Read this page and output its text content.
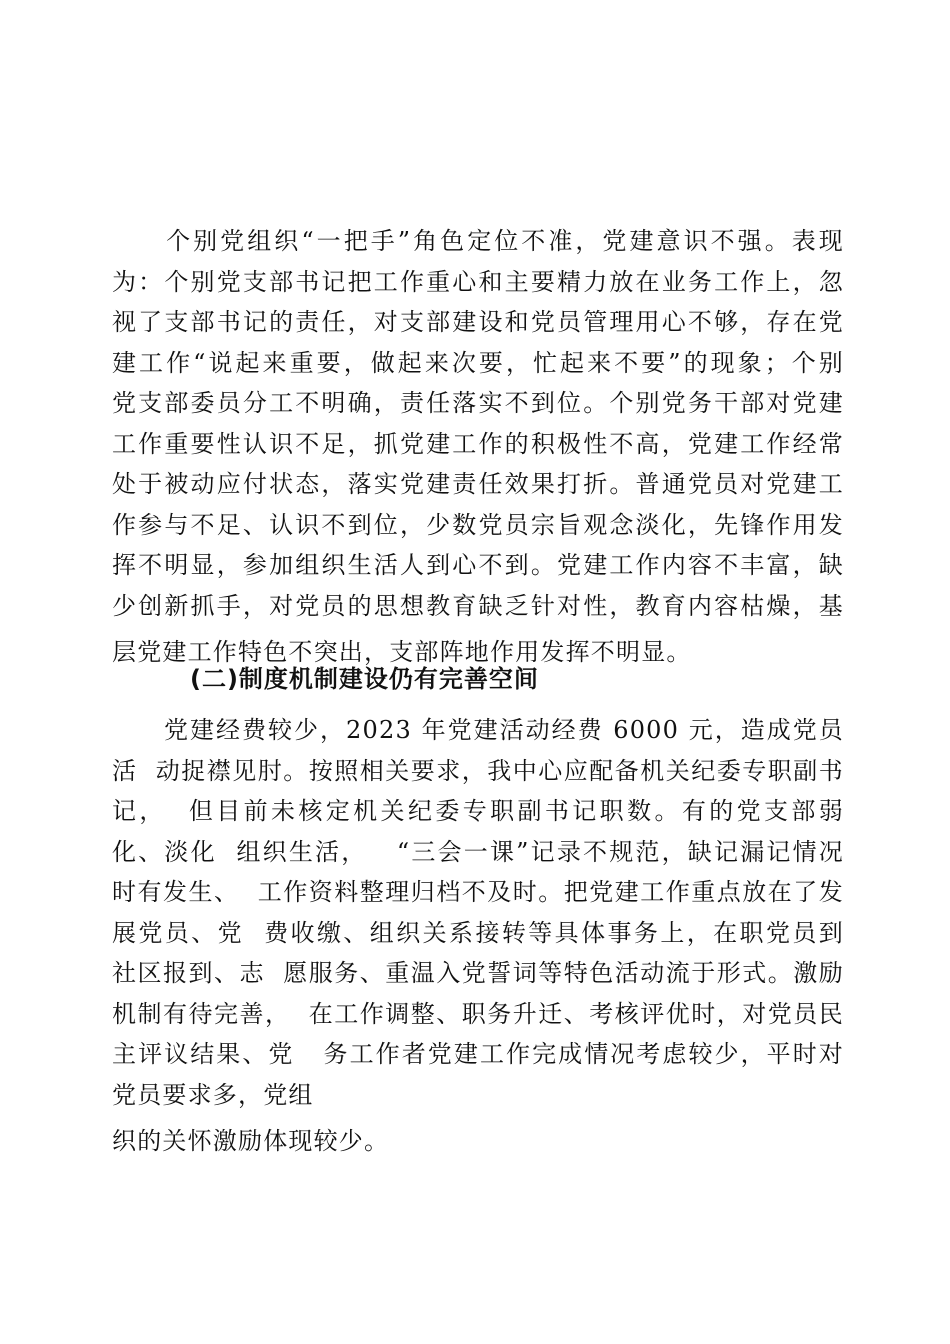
　　个别党组织“一把手”角色定位不准，党建意识不强。表现
为：个别党支部书记把工作重心和主要精力放在业务工作上，忽
视了支部书记的责任，对支部建设和党员管理用心不够，存在党
建工作“说起来重要，做起来次要，忙起来不要”的现象；个别
党支部委员分工不明确，责任落实不到位。个别党务干部对党建
工作重要性认识不足，抓党建工作的积极性不高，党建工作经常
处于被动应付状态，落实党建责任效果打折。普通党员对党建工
作参与不足、认识不到位，少数党员宗旨观念淡化，先锋作用发
挥不明显，参加组织生活人到心不到。党建工作内容不丰富，缺
少创新抓手，对党员的思想教育缺乏针对性，教育内容枯燥，基
层党建工作特色不突出，支部阵地作用发挥不明显。
(二)制度机制建设仍有完善空间
　　党建经费较少，2023 年党建活动经费 6000 元，造成党员
活  动捉襟见肘。按照相关要求，我中心应配备机关纪委专职副书
记，  但目前未核定机关纪委专职副书记职数。有的党支部弱
化、淡化  组织生活，   “三会一课”记录不规范，缺记漏记情况
时有发生、  工作资料整理归档不及时。把党建工作重点放在了发
展党员、党  费收缴、组织关系接转等具体事务上，在职党员到
社区报到、志  愿服务、重温入党誓词等特色活动流于形式。激励
机制有待完善，  在工作调整、职务升迁、考核评优时，对党员民
主评议结果、党   务工作者党建工作完成情况考虑较少，平时对
党员要求多，党组
织的关怀激励体现较少。
